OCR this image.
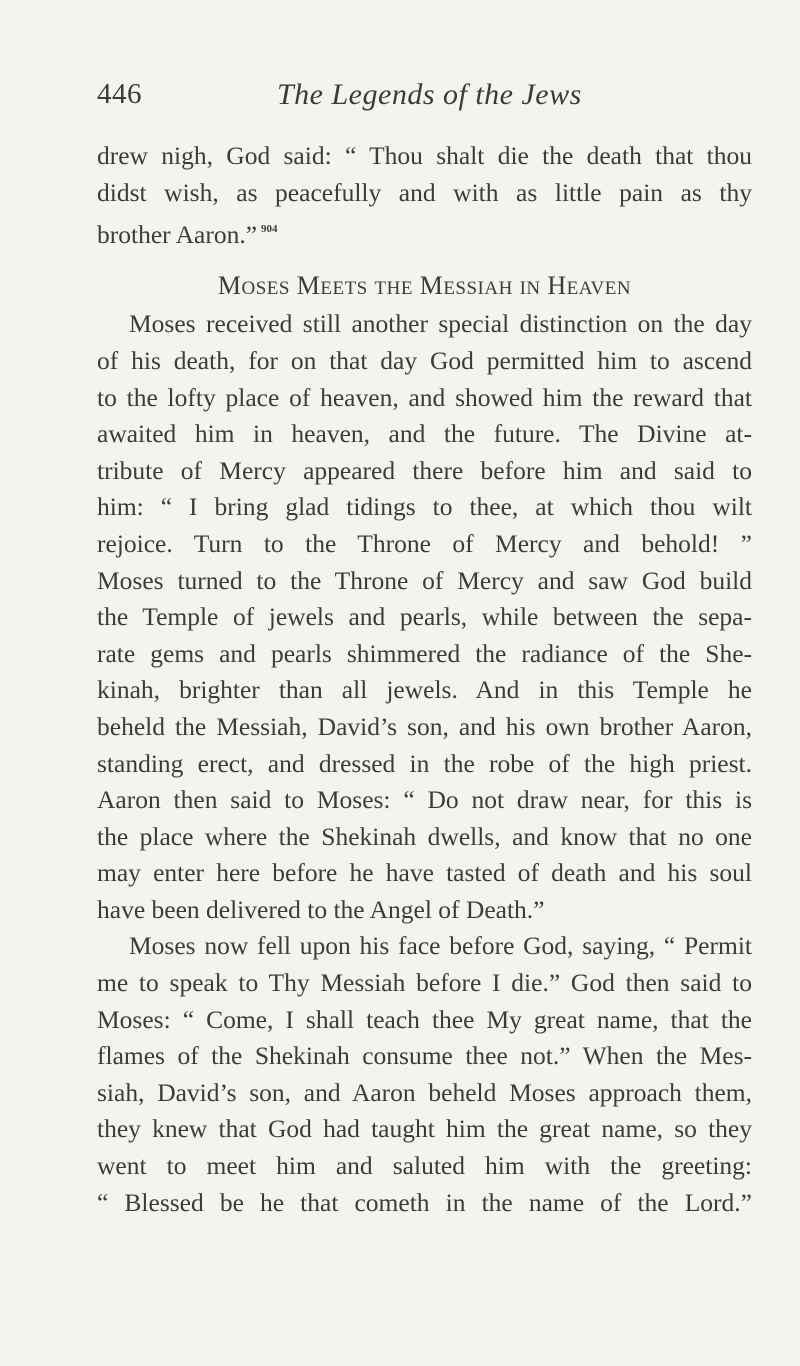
446	The Legends of the Jews
drew nigh, God said: “ Thou shalt die the death that thou
didst wish, as peacefully and with as little pain as thy
brother Aaron.” $^{904}$
MOSES MEETS THE MESSIAH IN HEAVEN
Moses received still another special distinction on the day
of his death, for on that day God permitted him to ascend
to the lofty place of heaven, and showed him the reward that
awaited him in heaven, and the future. The Divine at-
tribute of Mercy appeared there before him and said to
him: “ I bring glad tidings to thee, at which thou wilt
rejoice. Turn to the Throne of Mercy and behold! ”
Moses turned to the Throne of Mercy and saw God build
the Temple of jewels and pearls, while between the sepa-
rate gems and pearls shimmered the radiance of the She-
kinah, brighter than all jewels. And in this Temple he
beheld the Messiah, David’s son, and his own brother Aaron,
standing erect, and dressed in the robe of the high priest.
Aaron then said to Moses: “ Do not draw near, for this is
the place where the Shekinah dwells, and know that no one
may enter here before he have tasted of death and his soul
have been delivered to the Angel of Death.”
Moses now fell upon his face before God, saying, “ Permit
me to speak to Thy Messiah before I die.” God then said to
Moses: “ Come, I shall teach thee My great name, that the
flames of the Shekinah consume thee not.” When the Mes-
siah, David’s son, and Aaron beheld Moses approach them,
they knew that God had taught him the great name, so they
went to meet him and saluted him with the greeting:
“ Blessed be he that cometh in the name of the Lord.”
